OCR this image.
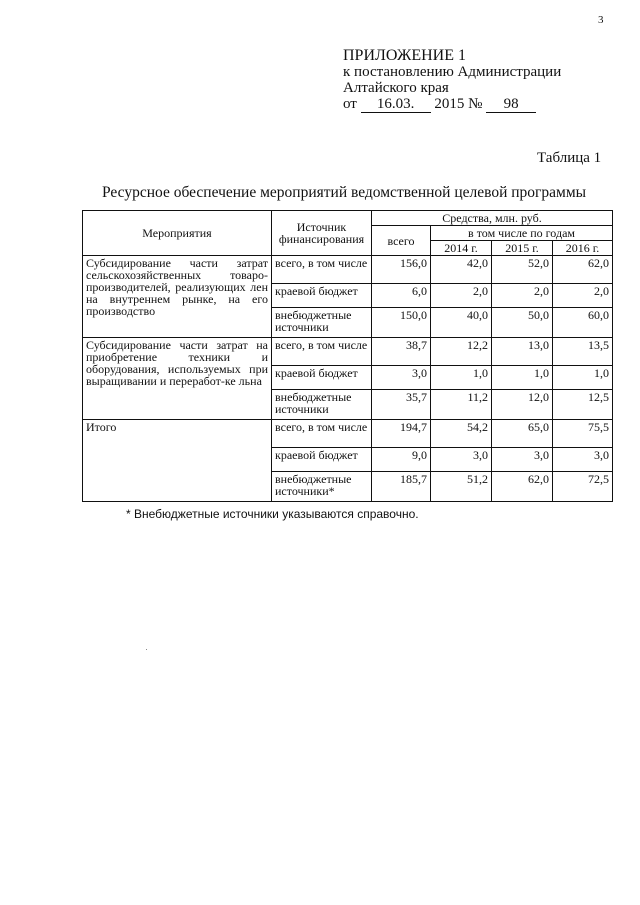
3
ПРИЛОЖЕНИЕ 1
к постановлению Администрации
Алтайского края
от 16.03. 2015 № 98
Таблица 1
Ресурсное обеспечение мероприятий ведомственной целевой программы
Мероприятия	Источник финансирования	Средства, млн. руб.			
		всего	в том числе по годам		
			2014 г.	2015 г.	2016 г.
Субсидирование части затрат сельскохозяйственных товаро-производителей, реализующих лен на внутреннем рынке, на его производство	всего, в том числе	156,0	42,0	52,0	62,0
	краевой бюджет	6,0	2,0	2,0	2,0
	внебюджетные источники	150,0	40,0	50,0	60,0
Субсидирование части затрат на приобретение техники и оборудования, используемых при выращивании и переработ-ке льна	всего, в том числе	38,7	12,2	13,0	13,5
	краевой бюджет	3,0	1,0	1,0	1,0
	внебюджетные источники	35,7	11,2	12,0	12,5
Итого	всего, в том числе	194,7	54,2	65,0	75,5
	краевой бюджет	9,0	3,0	3,0	3,0
	внебюджетные источники*	185,7	51,2	62,0	72,5
* Внебюджетные источники указываются справочно.
